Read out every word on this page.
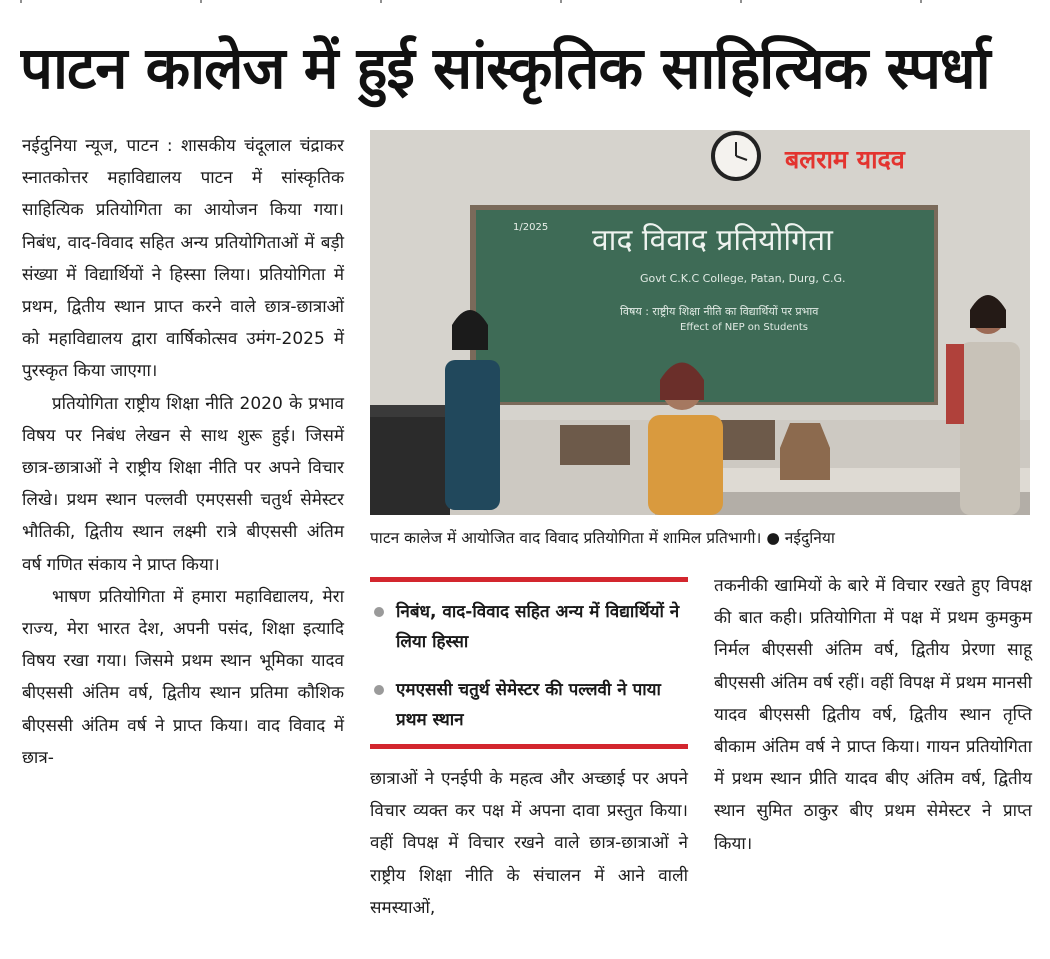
पाटन कालेज में हुई सांस्कृतिक साहित्यिक स्पर्धा

नईदुनिया न्यूज, पाटन : शासकीय चंदूलाल चंद्राकर स्नातकोत्तर महाविद्यालय पाटन में सांस्कृतिक साहित्यिक प्रतियोगिता का आयोजन किया गया। निबंध, वाद-विवाद सहित अन्य प्रतियोगिताओं में बड़ी संख्या में विद्यार्थियों ने हिस्सा लिया। प्रतियोगिता में प्रथम, द्वितीय स्थान प्राप्त करने वाले छात्र-छात्राओं को महाविद्यालय द्वारा वार्षिकोत्सव उमंग-2025 में पुरस्कृत किया जाएगा।

प्रतियोगिता राष्ट्रीय शिक्षा नीति 2020 के प्रभाव विषय पर निबंध लेखन से साथ शुरू हुई। जिसमें छात्र-छात्राओं ने राष्ट्रीय शिक्षा नीति पर अपने विचार लिखे। प्रथम स्थान पल्लवी एमएससी चतुर्थ सेमेस्टर भौतिकी, द्वितीय स्थान लक्ष्मी रात्रे बीएससी अंतिम वर्ष गणित संकाय ने प्राप्त किया।

भाषण प्रतियोगिता में हमारा महाविद्यालय, मेरा राज्य, मेरा भारत देश, अपनी पसंद, शिक्षा इत्यादि विषय रखा गया। जिसमे प्रथम स्थान भूमिका यादव बीएससी अंतिम वर्ष, द्वितीय स्थान प्रतिमा कौशिक बीएससी अंतिम वर्ष ने प्राप्त किया। वाद विवाद में छात्र-

1/2025 वाद विवाद प्रतियोगिता
Govt C.K.C College, Patan, Durg, C.G.
विषय : राष्ट्रीय शिक्षा नीति का विद्यार्थियों पर प्रभाव
Effect of NEP on Students
बलराम यादव
पाटन कालेज में आयोजित वाद विवाद प्रतियोगिता में शामिल प्रतिभागी। ● नईदुनिया
निबंध, वाद-विवाद सहित अन्य में विद्यार्थियों ने लिया हिस्सा
एमएससी चतुर्थ सेमेस्टर की पल्लवी ने पाया प्रथम स्थान

छात्राओं ने एनईपी के महत्व और अच्छाई पर अपने विचार व्यक्त कर पक्ष में अपना दावा प्रस्तुत किया। वहीं विपक्ष में विचार रखने वाले छात्र-छात्राओं ने राष्ट्रीय शिक्षा नीति के संचालन में आने वाली समस्याओं,

तकनीकी खामियों के बारे में विचार रखते हुए विपक्ष की बात कही। प्रतियोगिता में पक्ष में प्रथम कुमकुम निर्मल बीएससी अंतिम वर्ष, द्वितीय प्रेरणा साहू बीएससी अंतिम वर्ष रहीं। वहीं विपक्ष में प्रथम मानसी यादव बीएससी द्वितीय वर्ष, द्वितीय स्थान तृप्ति बीकाम अंतिम वर्ष ने प्राप्त किया। गायन प्रतियोगिता में प्रथम स्थान प्रीति यादव बीए अंतिम वर्ष, द्वितीय स्थान सुमित ठाकुर बीए प्रथम सेमेस्टर ने प्राप्त किया।
